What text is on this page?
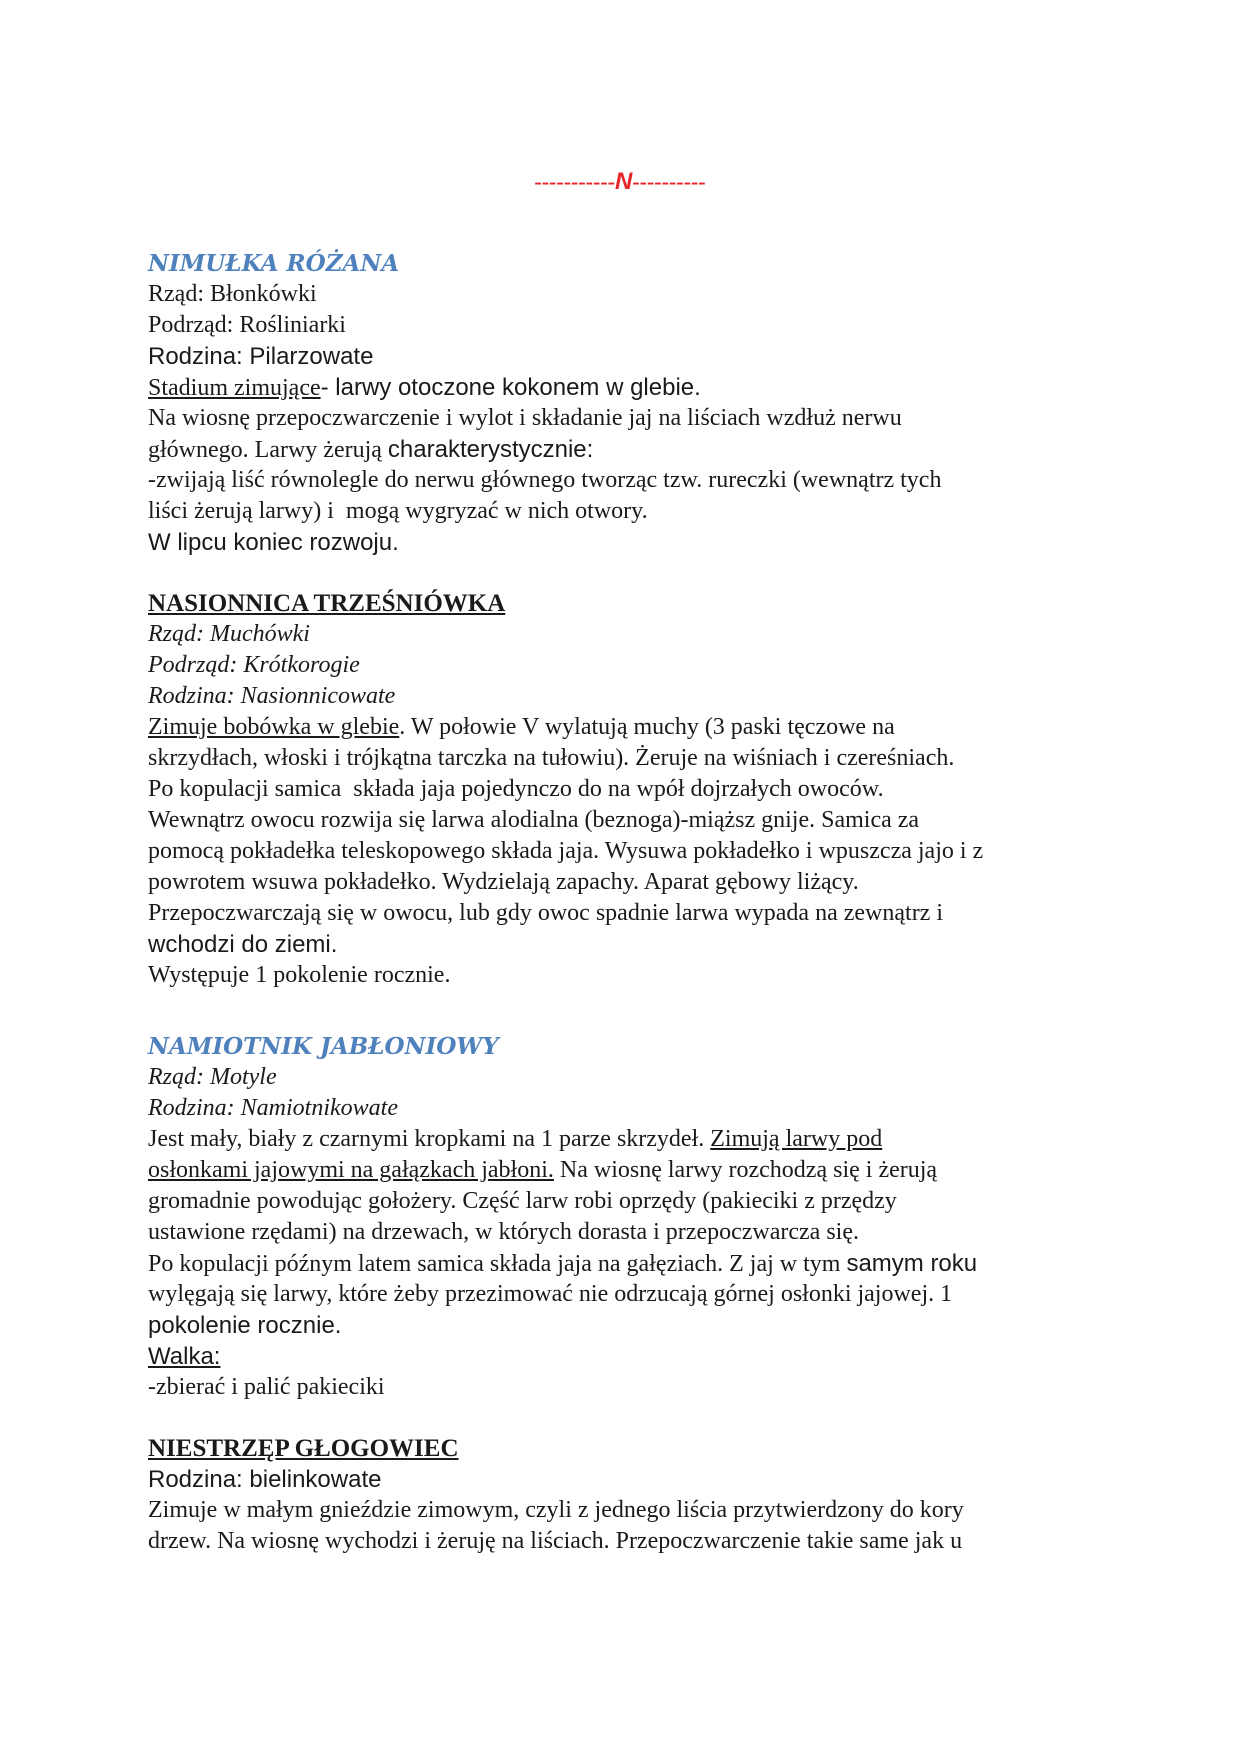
-----------N----------
NIMUŁKA RÓŻANA
Rząd: Błonkówki
Podrząd: Rośliniarki
Rodzina: Pilarzowate
Stadium zimujące- larwy otoczone kokonem w glebie.
Na wiosnę przepoczwarczenie i wylot i składanie jaj na liściach wzdłuż nerwu
głównego. Larwy żerują charakterystycznie:
-zwijają liść równolegle do nerwu głównego tworząc tzw. rureczki (wewnątrz tych
liści żerują larwy) i  mogą wygryzać w nich otwory.
W lipcu koniec rozwoju.
NASIONNICA TRZEŚNIÓWKA
Rząd: Muchówki
Podrząd: Krótkorogie
Rodzina: Nasionnicowate
Zimuje bobówka w glebie. W połowie V wylatują muchy (3 paski tęczowe na
skrzydłach, włoski i trójkątna tarczka na tułowiu). Żeruje na wiśniach i czereśniach.
Po kopulacji samica  składa jaja pojedynczo do na wpół dojrzałych owoców.
Wewnątrz owocu rozwija się larwa alodialna (beznoga)-miąższ gnije. Samica za
pomocą pokładełka teleskopowego składa jaja. Wysuwa pokładełko i wpuszcza jajo i z
powrotem wsuwa pokładełko. Wydzielają zapachy. Aparat gębowy liżący.
Przepoczwarczają się w owocu, lub gdy owoc spadnie larwa wypada na zewnątrz i
wchodzi do ziemi.
Występuje 1 pokolenie rocznie.
NAMIOTNIK JABŁONIOWY
Rząd: Motyle
Rodzina: Namiotnikowate
Jest mały, biały z czarnymi kropkami na 1 parze skrzydeł. Zimują larwy pod
osłonkami jajowymi na gałązkach jabłoni. Na wiosnę larwy rozchodzą się i żerują
gromadnie powodując gołożery. Część larw robi oprzędy (pakieciki z przędzy
ustawione rzędami) na drzewach, w których dorasta i przepoczwarcza się.
Po kopulacji późnym latem samica składa jaja na gałęziach. Z jaj w tym samym roku
wylęgają się larwy, które żeby przezimować nie odrzucają górnej osłonki jajowej. 1
pokolenie rocznie.
Walka:
-zbierać i palić pakieciki
NIESTRZĘP GŁOGOWIEC
Rodzina: bielinkowate
Zimuje w małym gnieździe zimowym, czyli z jednego liścia przytwierdzony do kory
drzew. Na wiosnę wychodzi i żeruję na liściach. Przepoczwarczenie takie same jak u
